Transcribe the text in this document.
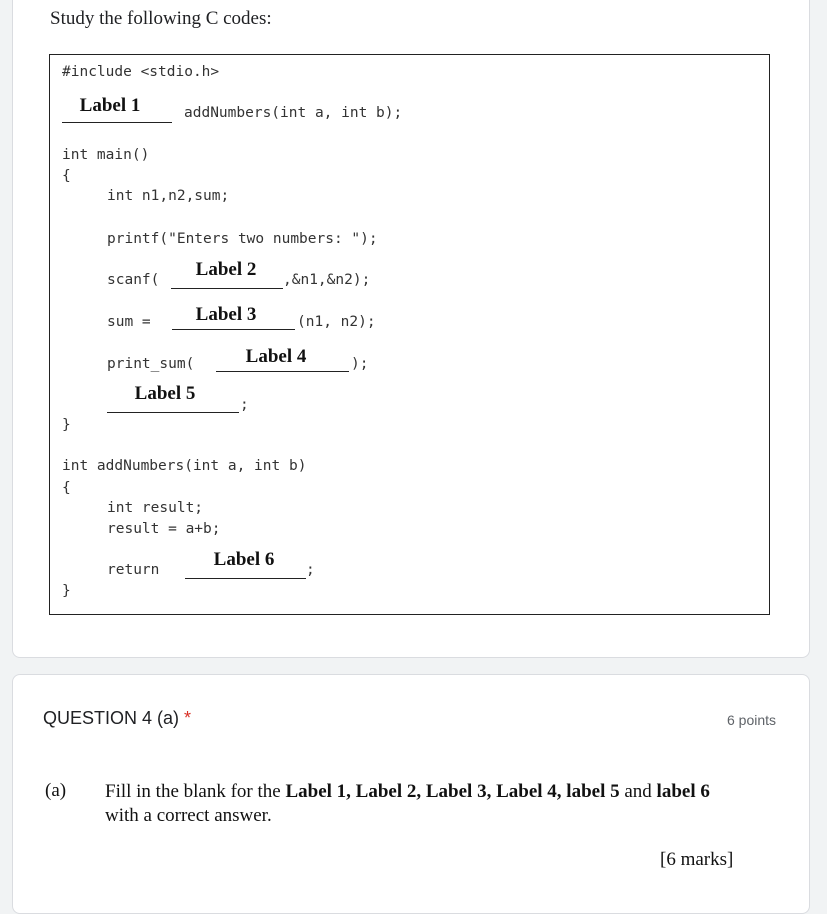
Study the following C codes:
#include <stdio.h>
Label 1	addNumbers(int a, int b);
int main()
{
int n1,n2,sum;
printf("Enters two numbers: ");
scanf(	Label 2	,&n1,&n2);
sum =	Label 3	(n1, n2);
print_sum(	Label 4	);
Label 5
;
}
int addNumbers(int a, int b)
{
int result;
result = a+b;
return	Label 6	;
}
QUESTION 4 (a) *	6 points
(a) Fill in the blank for the Label 1, Label 2, Label 3, Label 4, label 5 and label 6 with a correct answer.
[6 marks]
